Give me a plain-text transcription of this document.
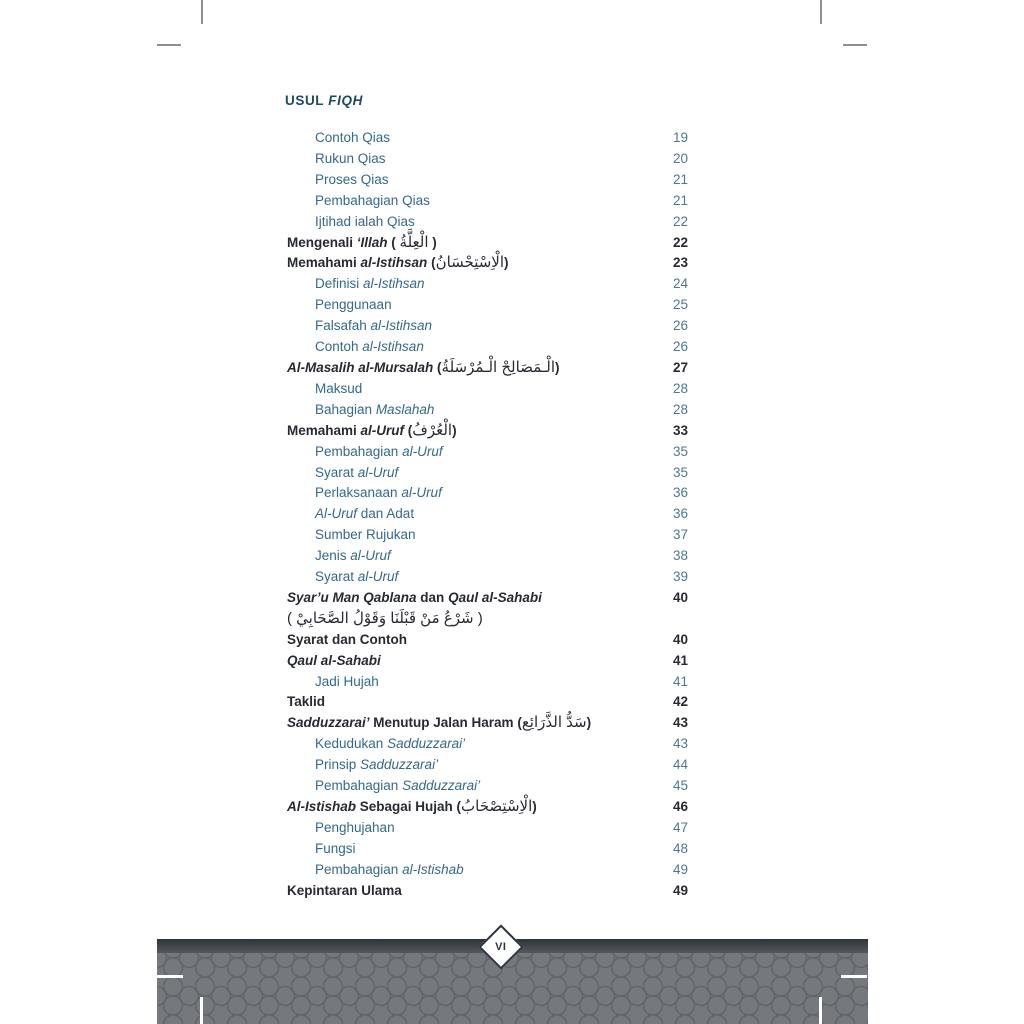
USUL FIQH
Contoh Qias	19
Rukun Qias	20
Proses Qias	21
Pembahagian Qias	21
Ijtihad ialah Qias	22
Mengenali ‘Illah ( الْعِلَّةُ )	22
Memahami al-Istihsan (الْاِسْتِحْسَانُ)	23
Definisi al-Istihsan	24
Penggunaan	25
Falsafah al-Istihsan	26
Contoh al-Istihsan	26
Al-Masalih al-Mursalah (الْـمَصَالِحْ الْـمُرْسَلَةُ)	27
Maksud	28
Bahagian Maslahah	28
Memahami al-Uruf (الْعُرْفُ)	33
Pembahagian al-Uruf	35
Syarat al-Uruf	35
Perlaksanaan al-Uruf	36
Al-Uruf dan Adat	36
Sumber Rujukan	37
Jenis al-Uruf	38
Syarat al-Uruf	39
Syar’u Man Qablana dan Qaul al-Sahabi	40
( شَرْعُ مَنْ قَبْلَنَا وَقَوْلُ الصَّحَابِيْ )
Syarat dan Contoh	40
Qaul al-Sahabi	41
Jadi Hujah	41
Taklid	42
Sadduzzarai’ Menutup Jalan Haram (سَدُّ الذَّرَائِع)	43
Kedudukan Sadduzzarai’	43
Prinsip Sadduzzarai’	44
Pembahagian Sadduzzarai’	45
Al-Istishab Sebagai Hujah (الْاِسْتِصْحَابُ)	46
Penghujahan	47
Fungsi	48
Pembahagian al-Istishab	49
Kepintaran Ulama	49
VI
